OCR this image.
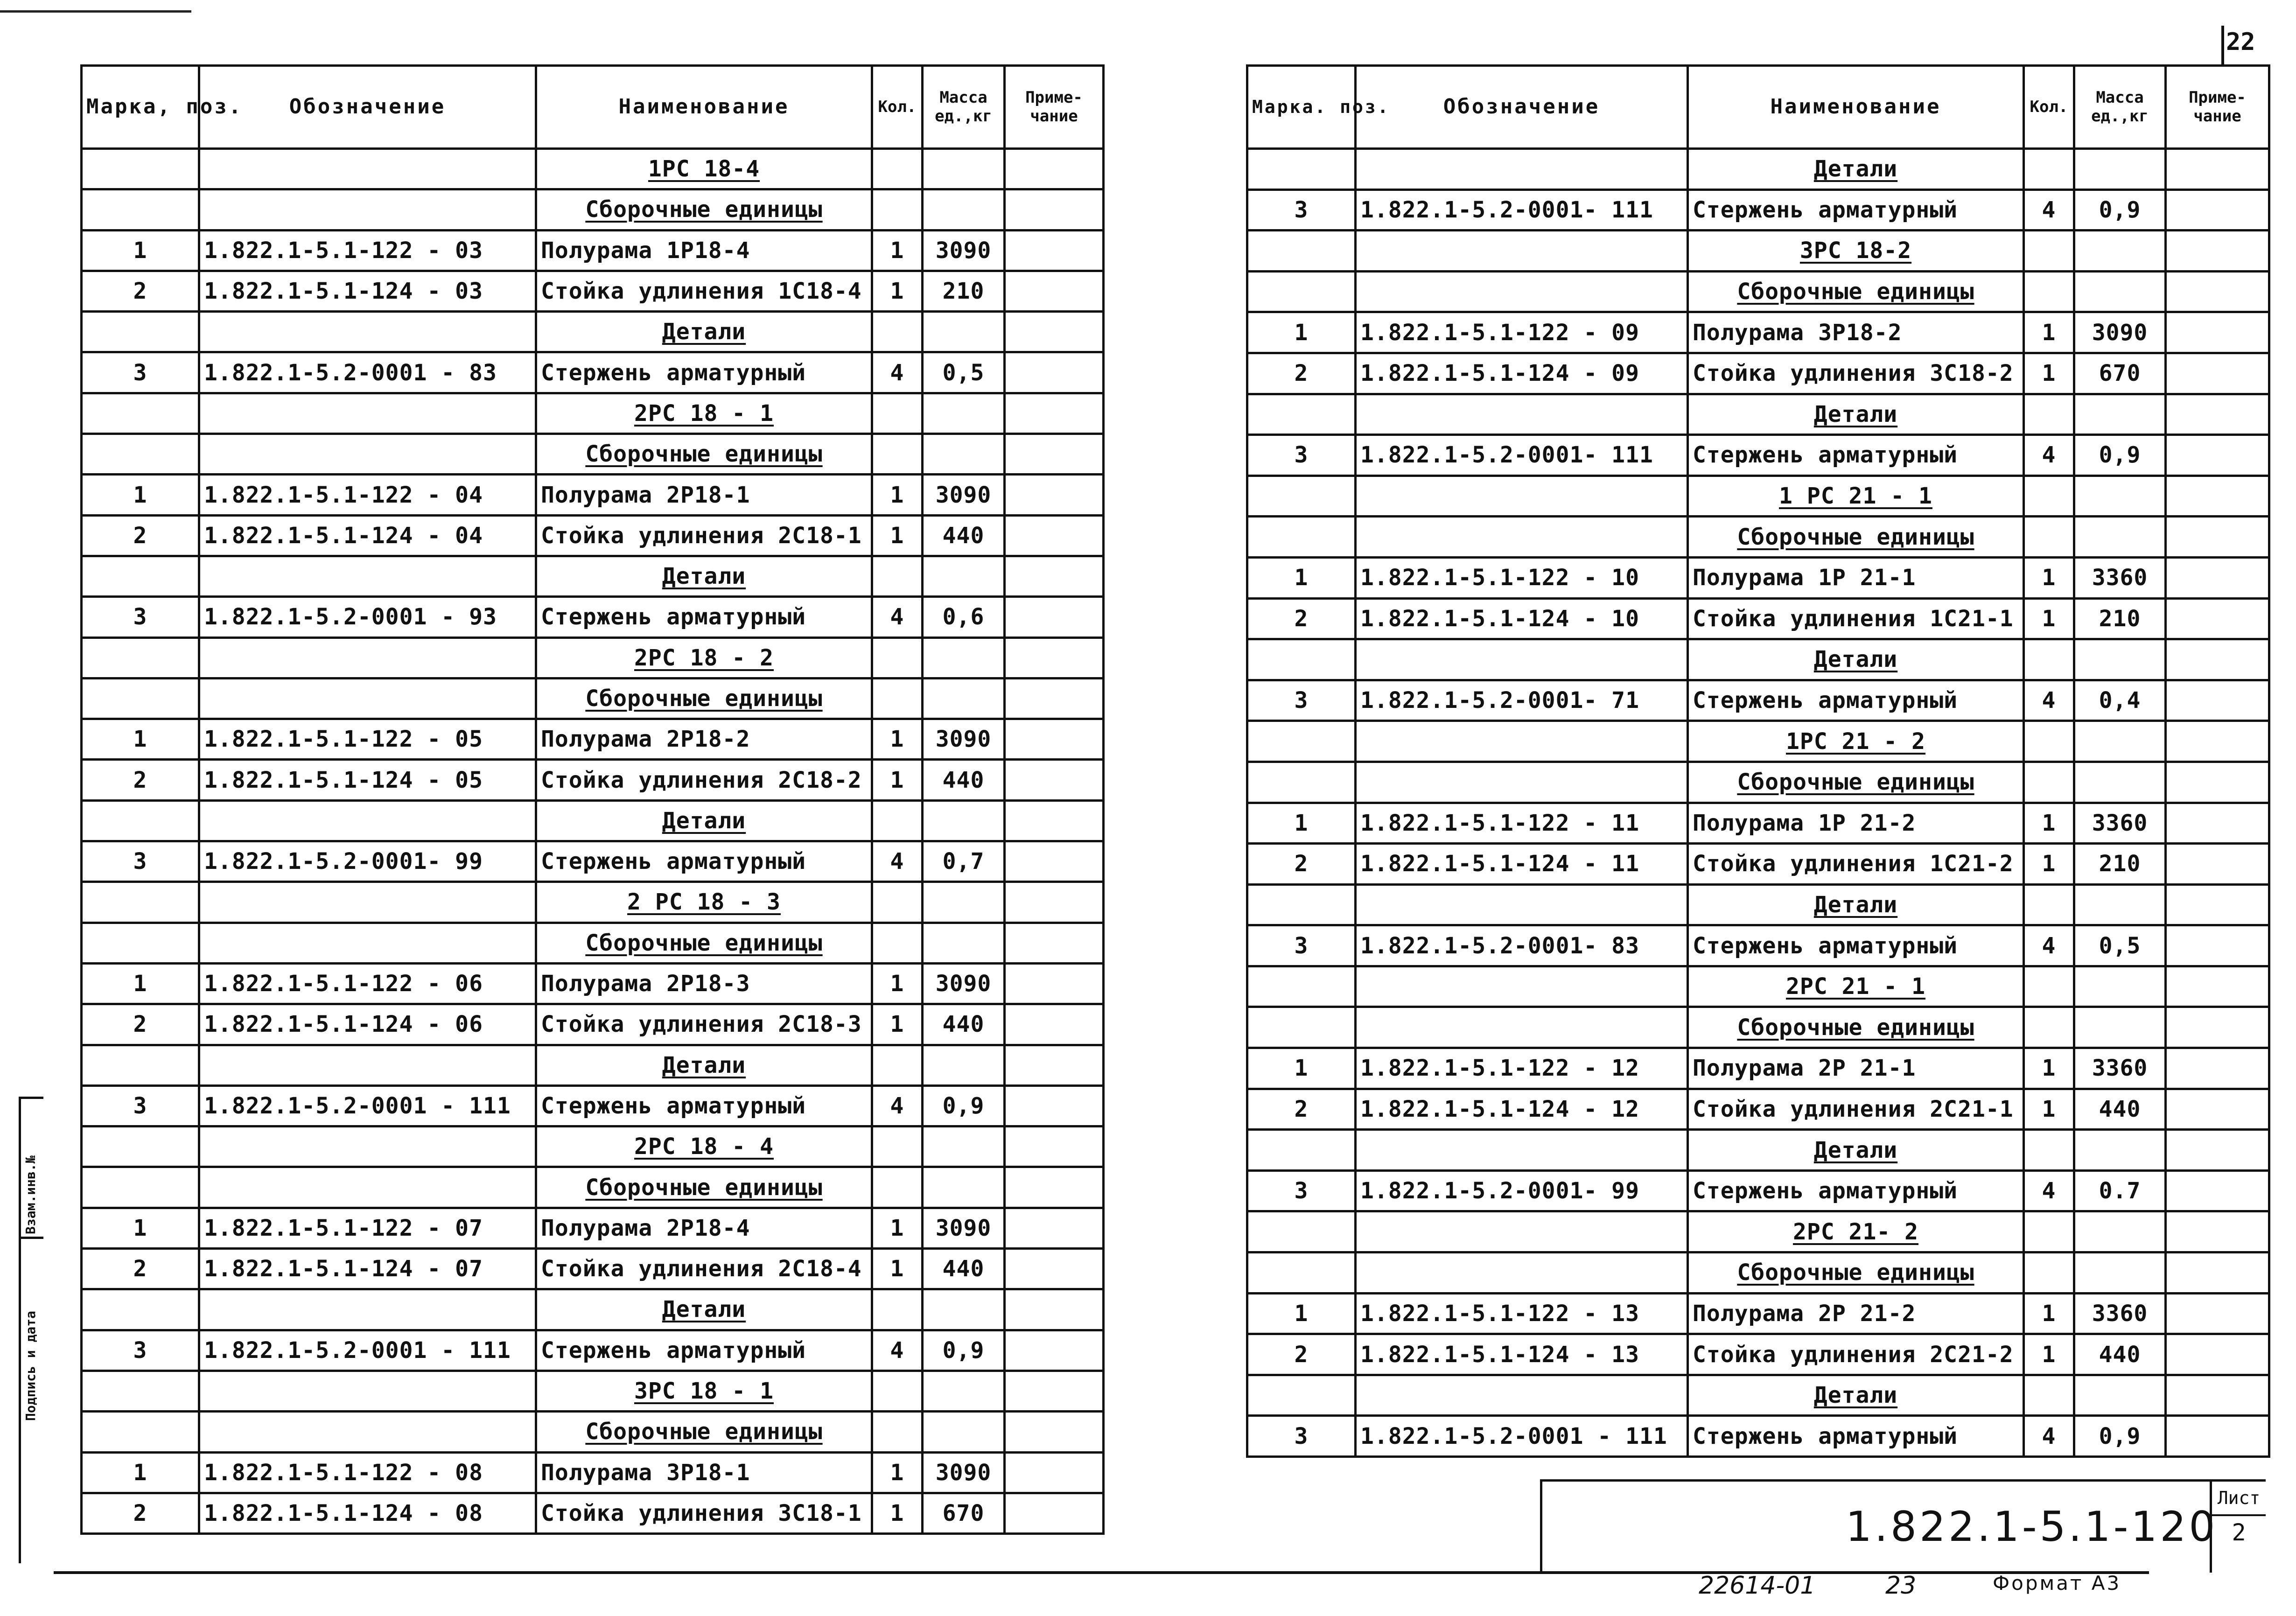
22
Марка, поз.	Обозначение	Наименование	Кол.	Масса ед.,кг	Приме-чание
		1РС 18-4			
		Сборочные единицы			
1	1.822.1-5.1-122 - 03	Полурама 1Р18-4	1	3090	
2	1.822.1-5.1-124 - 03	Стойка удлинения 1С18-4	1	210	
		Детали			
3	1.822.1-5.2-0001 - 83	Стержень арматурный	4	0,5	
		2РС 18 - 1			
		Сборочные единицы			
1	1.822.1-5.1-122 - 04	Полурама 2Р18-1	1	3090	
2	1.822.1-5.1-124 - 04	Стойка удлинения 2С18-1	1	440	
		Детали			
3	1.822.1-5.2-0001 - 93	Стержень арматурный	4	0,6	
		2РС 18 - 2			
		Сборочные единицы			
1	1.822.1-5.1-122 - 05	Полурама 2Р18-2	1	3090	
2	1.822.1-5.1-124 - 05	Стойка удлинения 2С18-2	1	440	
		Детали			
3	1.822.1-5.2-0001- 99	Стержень арматурный	4	0,7	
		2 РС 18 - 3			
		Сборочные единицы			
1	1.822.1-5.1-122 - 06	Полурама 2Р18-3	1	3090	
2	1.822.1-5.1-124 - 06	Стойка удлинения 2С18-3	1	440	
		Детали			
3	1.822.1-5.2-0001 - 111	Стержень арматурный	4	0,9	
		2РС 18 - 4			
		Сборочные единицы			
1	1.822.1-5.1-122 - 07	Полурама 2Р18-4	1	3090	
2	1.822.1-5.1-124 - 07	Стойка удлинения 2С18-4	1	440	
		Детали			
3	1.822.1-5.2-0001 - 111	Стержень арматурный	4	0,9	
		3РС 18 - 1			
		Сборочные единицы			
1	1.822.1-5.1-122 - 08	Полурама 3Р18-1	1	3090	
2	1.822.1-5.1-124 - 08	Стойка удлинения 3С18-1	1	670	
Марка. поз.	Обозначение	Наименование	Кол.	Масса ед.,кг	Приме-чание
		Детали			
3	1.822.1-5.2-0001- 111	Стержень арматурный	4	0,9	
		3РС 18-2			
		Сборочные единицы			
1	1.822.1-5.1-122 - 09	Полурама 3Р18-2	1	3090	
2	1.822.1-5.1-124 - 09	Стойка удлинения 3С18-2	1	670	
		Детали			
3	1.822.1-5.2-0001- 111	Стержень арматурный	4	0,9	
		1 РС 21 - 1			
		Сборочные единицы			
1	1.822.1-5.1-122 - 10	Полурама 1Р 21-1	1	3360	
2	1.822.1-5.1-124 - 10	Стойка удлинения 1С21-1	1	210	
		Детали			
3	1.822.1-5.2-0001- 71	Стержень арматурный	4	0,4	
		1РС 21 - 2			
		Сборочные единицы			
1	1.822.1-5.1-122 - 11	Полурама 1Р 21-2	1	3360	
2	1.822.1-5.1-124 - 11	Стойка удлинения 1С21-2	1	210	
		Детали			
3	1.822.1-5.2-0001- 83	Стержень арматурный	4	0,5	
		2РС 21 - 1			
		Сборочные единицы			
1	1.822.1-5.1-122 - 12	Полурама 2Р 21-1	1	3360	
2	1.822.1-5.1-124 - 12	Стойка удлинения 2С21-1	1	440	
		Детали			
3	1.822.1-5.2-0001- 99	Стержень арматурный	4	0.7	
		2РС 21- 2			
		Сборочные единицы			
1	1.822.1-5.1-122 - 13	Полурама 2Р 21-2	1	3360	
2	1.822.1-5.1-124 - 13	Стойка удлинения 2С21-2	1	440	
		Детали			
3	1.822.1-5.2-0001 - 111	Стержень арматурный	4	0,9	
Взам.инв.№
Подпись и дата
1.822.1-5.1-120
Лист
2
22614-01	23	Формат А3
